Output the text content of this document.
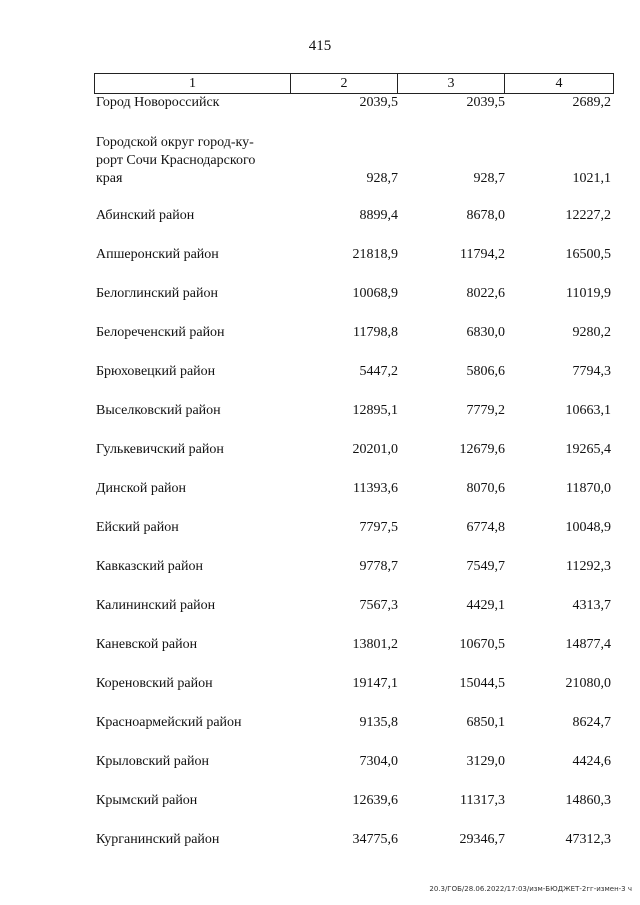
415
1	2	3	4
Город Новороссийск	2039,5	2039,5	2689,2
Городской округ город-ку-
рорт Сочи Краснодарского
края	928,7	928,7	1021,1
Абинский район	8899,4	8678,0	12227,2
Апшеронский район	21818,9	11794,2	16500,5
Белоглинский район	10068,9	8022,6	11019,9
Белореченский район	11798,8	6830,0	9280,2
Брюховецкий район	5447,2	5806,6	7794,3
Выселковский район	12895,1	7779,2	10663,1
Гулькевичский район	20201,0	12679,6	19265,4
Динской район	11393,6	8070,6	11870,0
Ейский район	7797,5	6774,8	10048,9
Кавказский район	9778,7	7549,7	11292,3
Калининский район	7567,3	4429,1	4313,7
Каневской район	13801,2	10670,5	14877,4
Кореновский район	19147,1	15044,5	21080,0
Красноармейский район	9135,8	6850,1	8624,7
Крыловский район	7304,0	3129,0	4424,6
Крымский район	12639,6	11317,3	14860,3
Курганинский район	34775,6	29346,7	47312,3
20.3/ГОБ/28.06.2022/17:03/изм-БЮДЖЕТ-2гг-измен-3 ч
